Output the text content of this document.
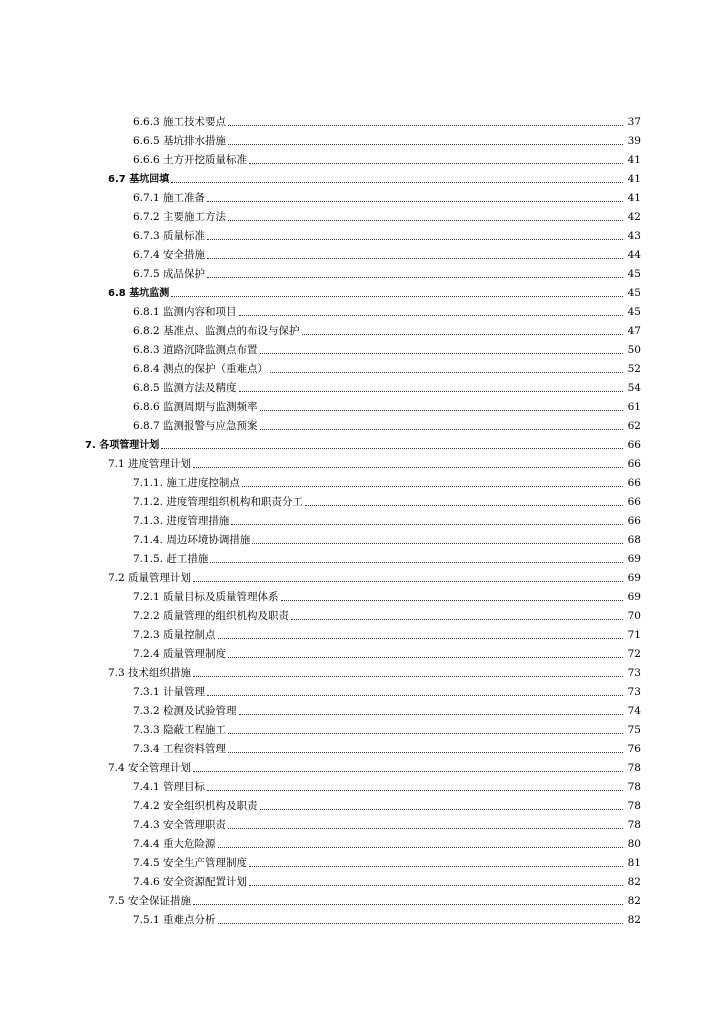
6.6.3 施工技术要点	37
6.6.5 基坑排水措施	39
6.6.6 土方开挖质量标准	41
6.7 基坑回填	41
6.7.1 施工准备	41
6.7.2 主要施工方法	42
6.7.3 质量标准	43
6.7.4 安全措施	44
6.7.5 成品保护	45
6.8 基坑监测	45
6.8.1 监测内容和项目	45
6.8.2 基准点、监测点的布设与保护	47
6.8.3 道路沉降监测点布置	50
6.8.4 测点的保护（重难点）	52
6.8.5 监测方法及精度	54
6.8.6 监测周期与监测频率	61
6.8.7 监测报警与应急预案	62
7. 各项管理计划	66
7.1 进度管理计划	66
7.1.1. 施工进度控制点	66
7.1.2. 进度管理组织机构和职责分工	66
7.1.3. 进度管理措施	66
7.1.4. 周边环境协调措施	68
7.1.5. 赶工措施	69
7.2 质量管理计划	69
7.2.1 质量目标及质量管理体系	69
7.2.2 质量管理的组织机构及职责	70
7.2.3 质量控制点	71
7.2.4 质量管理制度	72
7.3 技术组织措施	73
7.3.1 计量管理	73
7.3.2 检测及试验管理	74
7.3.3 隐蔽工程施工	75
7.3.4 工程资料管理	76
7.4 安全管理计划	78
7.4.1 管理目标	78
7.4.2 安全组织机构及职责	78
7.4.3 安全管理职责	78
7.4.4 重大危险源	80
7.4.5 安全生产管理制度	81
7.4.6 安全资源配置计划	82
7.5 安全保证措施	82
7.5.1 重难点分析	82
